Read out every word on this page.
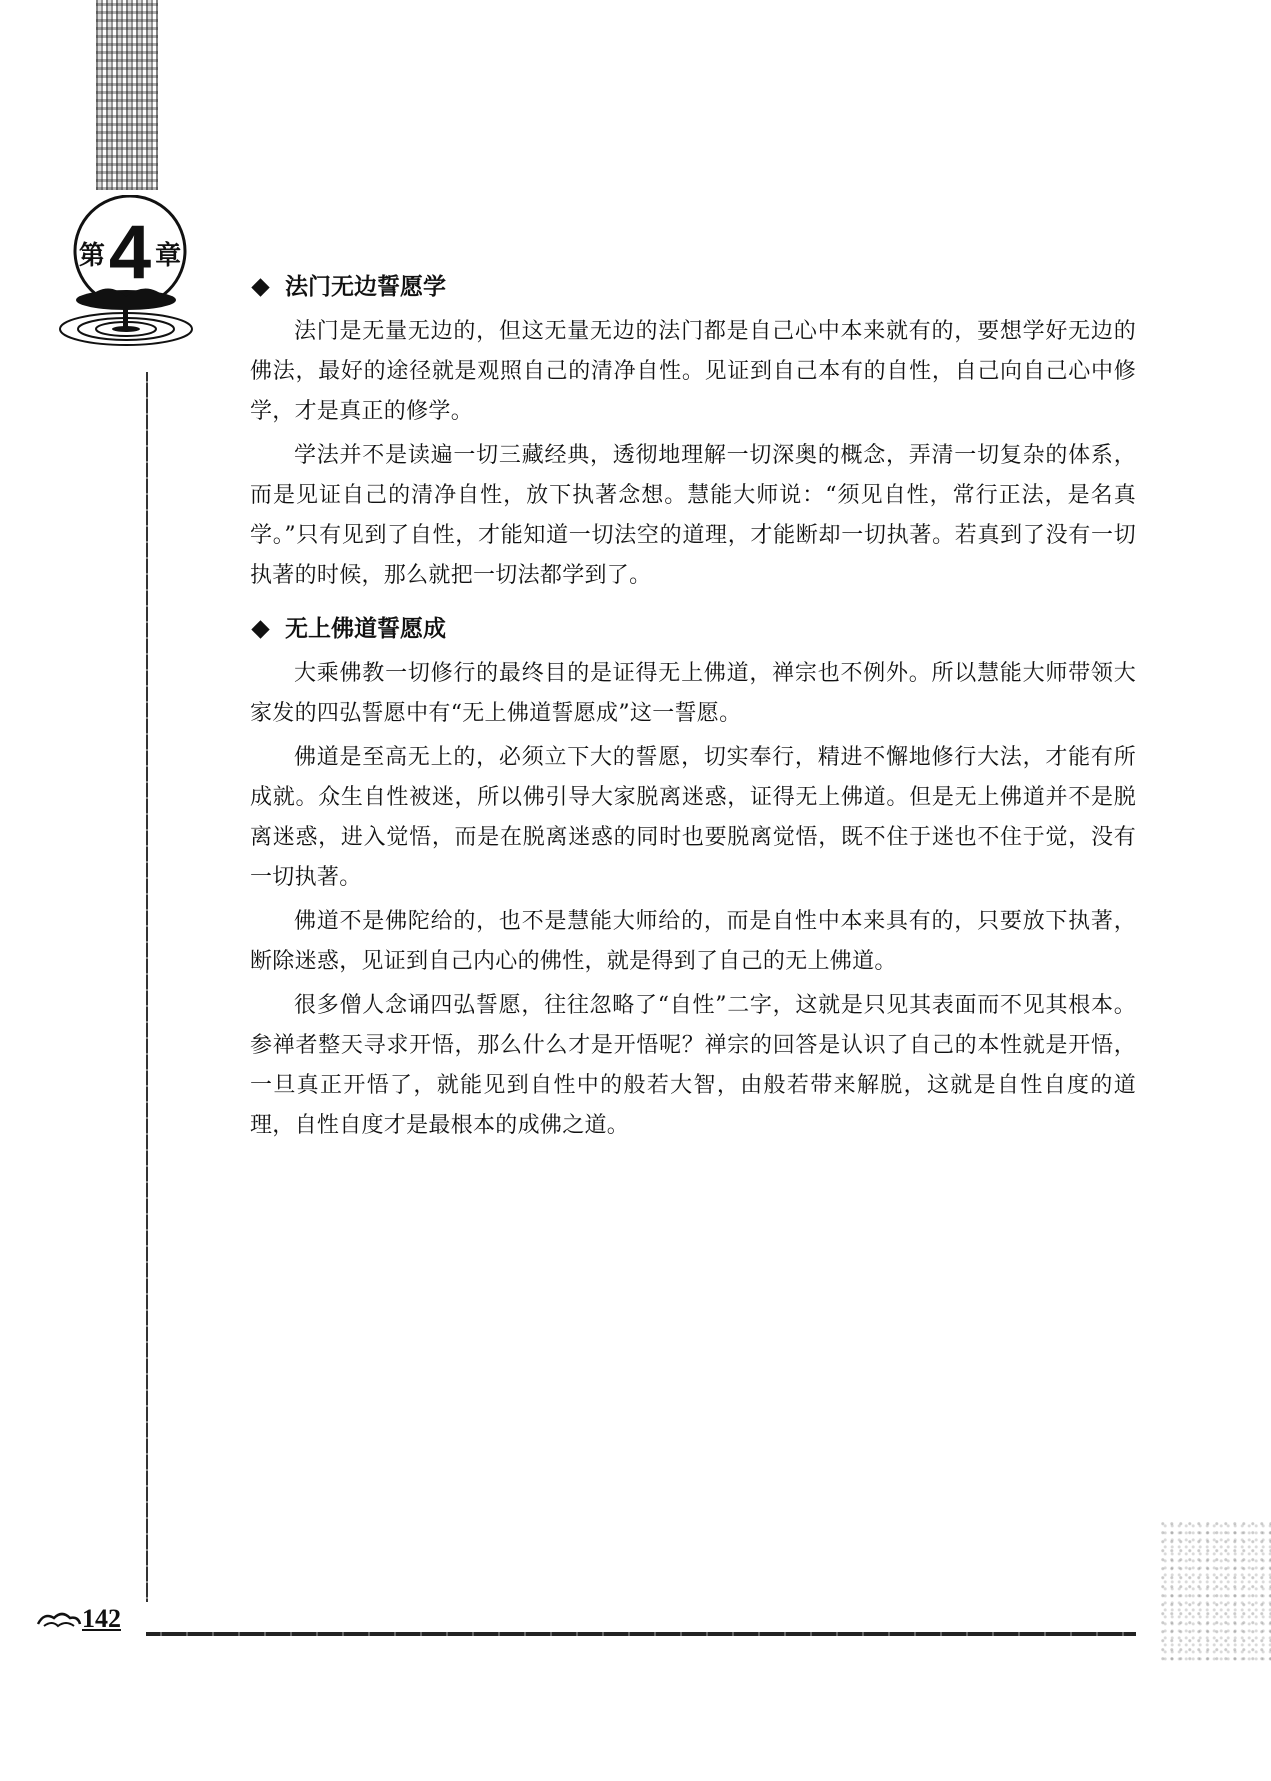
第4 章
法门无边誓愿学

法门是无量无边的，但这无量无边的法门都是自己心中本来就有的，要想学好无边的佛法，最好的途径就是观照自己的清净自性。见证到自己本有的自性，自己向自己心中修学，才是真正的修学。

学法并不是读遍一切三藏经典，透彻地理解一切深奥的概念，弄清一切复杂的体系，而是见证自己的清净自性，放下执著念想。慧能大师说：“须见自性，常行正法，是名真学。”只有见到了自性，才能知道一切法空的道理，才能断却一切执著。若真到了没有一切执著的时候，那么就把一切法都学到了。

无上佛道誓愿成

大乘佛教一切修行的最终目的是证得无上佛道，禅宗也不例外。所以慧能大师带领大家发的四弘誓愿中有“无上佛道誓愿成”这一誓愿。

佛道是至高无上的，必须立下大的誓愿，切实奉行，精进不懈地修行大法，才能有所成就。众生自性被迷，所以佛引导大家脱离迷惑，证得无上佛道。但是无上佛道并不是脱离迷惑，进入觉悟，而是在脱离迷惑的同时也要脱离觉悟，既不住于迷也不住于觉，没有一切执著。

佛道不是佛陀给的，也不是慧能大师给的，而是自性中本来具有的，只要放下执著，断除迷惑，见证到自己内心的佛性，就是得到了自己的无上佛道。

很多僧人念诵四弘誓愿，往往忽略了“自性”二字，这就是只见其表面而不见其根本。参禅者整天寻求开悟，那么什么才是开悟呢？禅宗的回答是认识了自己的本性就是开悟，一旦真正开悟了，就能见到自性中的般若大智，由般若带来解脱，这就是自性自度的道理，自性自度才是最根本的成佛之道。

142
